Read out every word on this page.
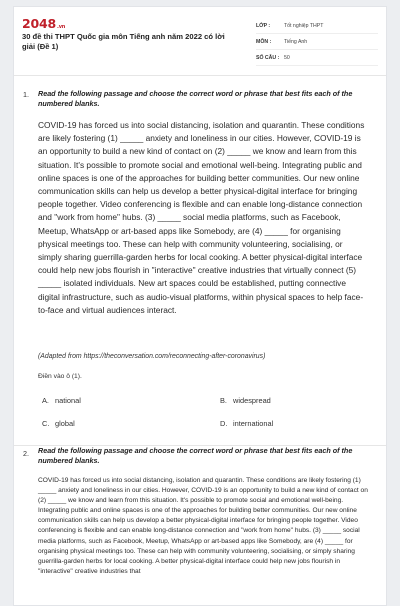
2048.vn
30 đề thi THPT Quốc gia môn Tiếng anh năm 2022 có lời giải (Đề 1)
LỚP :	Tốt nghiệp THPT
MÔN :	Tiếng Anh
SỐ CÂU : 50
1. Read the following passage and choose the correct word or phrase that best fits each of the numbered blanks.
COVID-19 has forced us into social distancing, isolation and quarantin. These conditions are likely fostering (1) _____ anxiety and loneliness in our cities. However, COVID-19 is an opportunity to build a new kind of contact on (2) _____ we know and learn from this situation. It's possible to promote social and emotional well-being. Integrating public and online spaces is one of the approaches for building better communities. Our new online communication skills can help us develop a better physical-digital interface for bringing people together. Video conferencing is flexible and can enable long-distance connection and "work from home" hubs. (3) _____ social media platforms, such as Facebook, Meetup, WhatsApp or art-based apps like Somebody, are (4) _____ for organising physical meetings too. These can help with community volunteering, socialising, or simply sharing guerrilla-garden herbs for local cooking. A better physical-digital interface could help new jobs flourish in "interactive" creative industries that virtually connect (5) _____ isolated individuals. New art spaces could be established, putting connective digital infrastructure, such as audio-visual platforms, within physical spaces to help face-to-face and virtual audiences interact.
(Adapted from https://theconversation.com/reconnecting-after-coronavirus)
Điền vào ô (1).
A. national	B. widespread
C. global	D. international
2. Read the following passage and choose the correct word or phrase that best fits each of the numbered blanks.
COVID-19 has forced us into social distancing, isolation and quarantin. These conditions are likely fostering (1) _____ anxiety and loneliness in our cities. However, COVID-19 is an opportunity to build a new kind of contact on (2) _____ we know and learn from this situation. It's possible to promote social and emotional well-being. Integrating public and online spaces is one of the approaches for building better communities. Our new online communication skills can help us develop a better physical-digital interface for bringing people together. Video conferencing is flexible and can enable long-distance connection and "work from home" hubs. (3) _____ social media platforms, such as Facebook, Meetup, WhatsApp or art-based apps like Somebody, are (4) _____ for organising physical meetings too. These can help with community volunteering, socialising, or simply sharing guerrilla-garden herbs for local cooking. A better physical-digital interface could help new jobs flourish in "interactive" creative industries that
